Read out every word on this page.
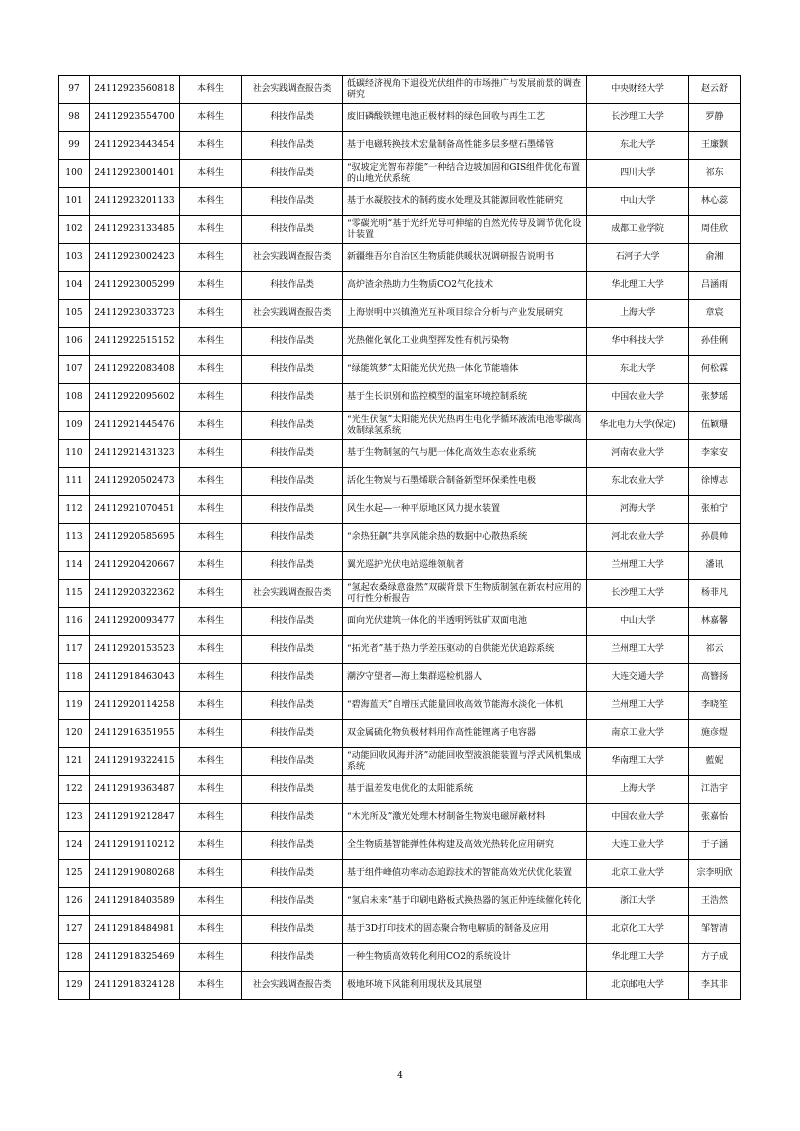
97	24112923560818	本科生	社会实践调查报告类	低碳经济视角下退役光伏组件的市场推广与发展前景的调查研究	中央财经大学	赵云舒
98	24112923554700	本科生	科技作品类	废旧磷酸铁锂电池正极材料的绿色回收与再生工艺	长沙理工大学	罗静
99	24112923443454	本科生	科技作品类	基于电磁转换技术宏量制备高性能多层多壁石墨烯管	东北大学	王廉颢
100	24112923001401	本科生	科技作品类	“驭坡定光智布荐能”一种结合边坡加固和GIS组件优化布置的山地光伏系统	四川大学	祁东
101	24112923201133	本科生	科技作品类	基于水凝胶技术的制药废水处理及其能源回收性能研究	中山大学	林心蕊
102	24112923133485	本科生	科技作品类	“零碳光明”基于光纤光导可伸缩的自然光传导及调节优化设计装置	成都工业学院	周佳欣
103	24112923002423	本科生	社会实践调查报告类	新疆维吾尔自治区生物质能供暖状况调研报告说明书	石河子大学	俞湘
104	24112923005299	本科生	科技作品类	高炉渣余热助力生物质CO2气化技术	华北理工大学	吕涵雨
105	24112923033723	本科生	社会实践调查报告类	上海崇明中兴镇渔光互补项目综合分析与产业发展研究	上海大学	章宸
106	24112922515152	本科生	科技作品类	光热催化氧化工业典型挥发性有机污染物	华中科技大学	孙佳俐
107	24112922083408	本科生	科技作品类	“绿能筑梦”太阳能光伏光热一体化节能墙体	东北大学	何松霖
108	24112922095602	本科生	科技作品类	基于生长识别和监控模型的温室环境控制系统	中国农业大学	张梦瑶
109	24112921445476	本科生	科技作品类	“光生伏氢”太阳能光伏光热再生电化学循环液流电池零碳高效制绿氢系统	华北电力大学(保定)	伍颖珊
110	24112921431323	本科生	科技作品类	基于生物制氢的气与肥一体化高效生态农业系统	河南农业大学	李家安
111	24112920502473	本科生	科技作品类	活化生物炭与石墨烯联合制备新型环保柔性电极	东北农业大学	徐博志
112	24112921070451	本科生	科技作品类	风生水起—一种平原地区风力提水装置	河海大学	张柏宁
113	24112920585695	本科生	科技作品类	“余热狂飙”共享风能余热的数据中心散热系统	河北农业大学	孙晨帅
114	24112920420667	本科生	科技作品类	翼光巡护光伏电站巡维领航者	兰州理工大学	潘讯
115	24112920322362	本科生	社会实践调查报告类	“氢起农桑绿意盎然”双碳背景下生物质制氢在新农村应用的可行性分析报告	长沙理工大学	杨菲凡
116	24112920093477	本科生	科技作品类	面向光伏建筑一体化的半透明钙钛矿双面电池	中山大学	林嘉馨
117	24112920153523	本科生	科技作品类	“拓光者”基于热力学差压驱动的自供能光伏追踪系统	兰州理工大学	祁云
118	24112918463043	本科生	科技作品类	潮汐守望者—海上集群巡检机器人	大连交通大学	高簪扬
119	24112920114258	本科生	科技作品类	“碧海蓝天”自增压式能量回收高效节能海水淡化一体机	兰州理工大学	李晓笙
120	24112916351955	本科生	科技作品类	双金属硫化物负极材料用作高性能锂离子电容器	南京工业大学	施彦煜
121	24112919322415	本科生	科技作品类	“动能回收风海并济”动能回收型波浪能装置与浮式风机集成系统	华南理工大学	藍妮
122	24112919363487	本科生	科技作品类	基于温差发电优化的太阳能系统	上海大学	江浩宇
123	24112919212847	本科生	科技作品类	“木光所及”激光处理木材制备生物炭电磁屏蔽材料	中国农业大学	张嘉怡
124	24112919110212	本科生	科技作品类	全生物质基智能弹性体构建及高效光热转化应用研究	大连工业大学	于子涵
125	24112919080268	本科生	科技作品类	基于组件峰值功率动态追踪技术的智能高效光伏优化装置	北京工业大学	宗李明欣
126	24112918403589	本科生	科技作品类	“氢启未来”基于印刷电路板式换热器的氢正仲连续催化转化	浙江大学	王浩然
127	24112918484981	本科生	科技作品类	基于3D打印技术的固态聚合物电解质的制备及应用	北京化工大学	邹智清
128	24112918325469	本科生	科技作品类	一种生物质高效转化利用CO2的系统设计	华北理工大学	方子成
129	24112918324128	本科生	社会实践调查报告类	极地环境下风能利用现状及其展望	北京邮电大学	李其非
4
